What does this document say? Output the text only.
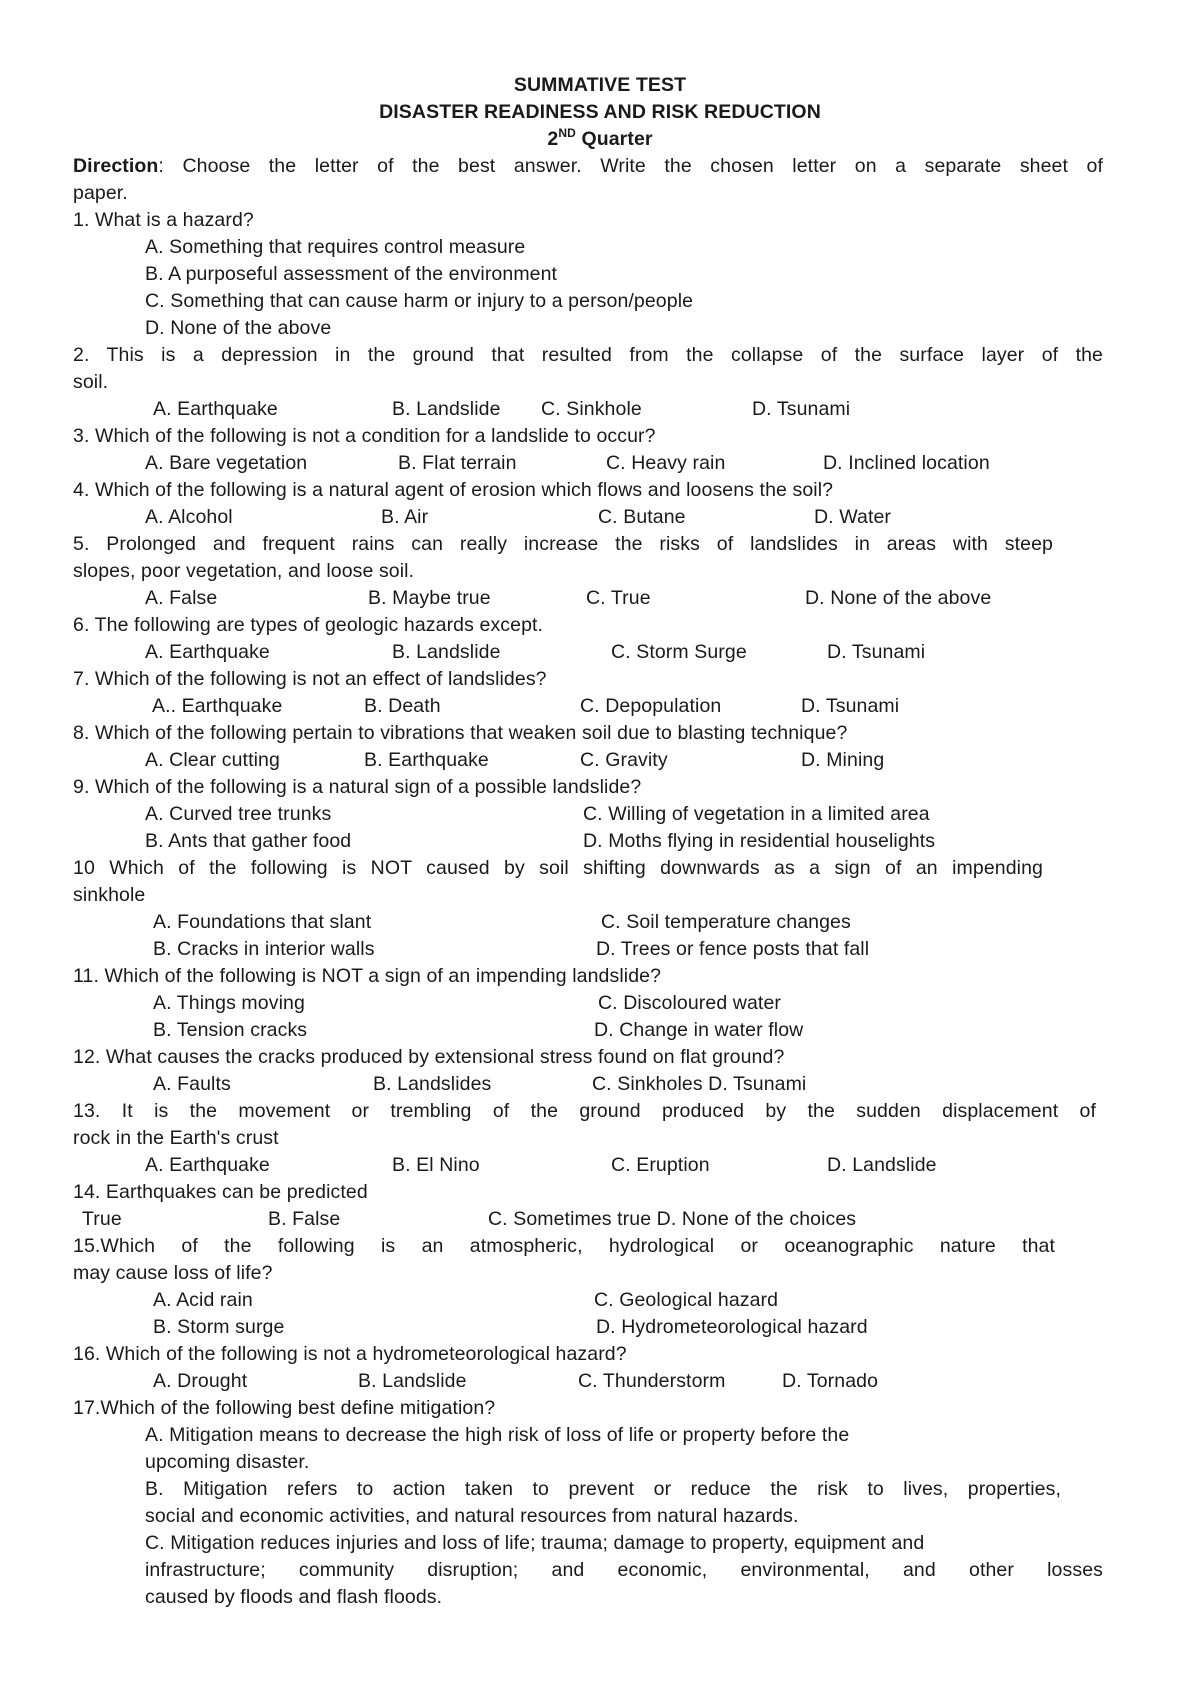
SUMMATIVE TEST
DISASTER READINESS AND RISK REDUCTION
2ND Quarter
Direction: Choose the letter of the best answer. Write the chosen letter on a separate sheet of
paper.
1. What is a hazard?
A. Something that requires control measure
B. A purposeful assessment of the environment
C. Something that can cause harm or injury to a person/people
D. None of the above
2. This is a depression in the ground that resulted from the collapse of the surface layer of the
soil.
A. Earthquake	B. Landslide C. Sinkhole	D. Tsunami
3. Which of the following is not a condition for a landslide to occur?
A. Bare vegetation	B. Flat terrain	C. Heavy rain	D. Inclined location
4. Which of the following is a natural agent of erosion which flows and loosens the soil?
A. Alcohol	B. Air	C. Butane	D. Water
5. Prolonged and frequent rains can really increase the risks of landslides in areas with steep
slopes, poor vegetation, and loose soil.
A. False	B. Maybe true	C. True	D. None of the above
6. The following are types of geologic hazards except.
A. Earthquake	B. Landslide	C. Storm Surge	D. Tsunami
7. Which of the following is not an effect of landslides?
A.. Earthquake	B. Death	C. Depopulation	D. Tsunami
8. Which of the following pertain to vibrations that weaken soil due to blasting technique?
A. Clear cutting	B. Earthquake	C. Gravity	D. Mining
9. Which of the following is a natural sign of a possible landslide?
A. Curved tree trunks	C. Willing of vegetation in a limited area
B. Ants that gather food	D. Moths flying in residential houselights
10 Which of the following is NOT caused by soil shifting downwards as a sign of an impending
sinkhole
A. Foundations that slant	C. Soil temperature changes
B. Cracks in interior walls	D. Trees or fence posts that fall
11. Which of the following is NOT a sign of an impending landslide?
A. Things moving	C. Discoloured water
B. Tension cracks	D. Change in water flow
12. What causes the cracks produced by extensional stress found on flat ground?
A. Faults	B. Landslides	C. Sinkholes D. Tsunami
13. It is the movement or trembling of the ground produced by the sudden displacement of
rock in the Earth's crust
A. Earthquake	B. El Nino	C. Eruption	D. Landslide
14. Earthquakes can be predicted
True	B. False	C. Sometimes true D. None of the choices
15.Which of the following is an atmospheric, hydrological or oceanographic nature that
may cause loss of life?
A. Acid rain	C. Geological hazard
B. Storm surge	D. Hydrometeorological hazard
16. Which of the following is not a hydrometeorological hazard?
A. Drought	B. Landslide	C. Thunderstorm	D. Tornado
17.Which of the following best define mitigation?
A. Mitigation means to decrease the high risk of loss of life or property before the
upcoming disaster.
B. Mitigation refers to action taken to prevent or reduce the risk to lives, properties,
social and economic activities, and natural resources from natural hazards.
C. Mitigation reduces injuries and loss of life; trauma; damage to property, equipment and
infrastructure; community disruption; and economic, environmental, and other losses
caused by floods and flash floods.
